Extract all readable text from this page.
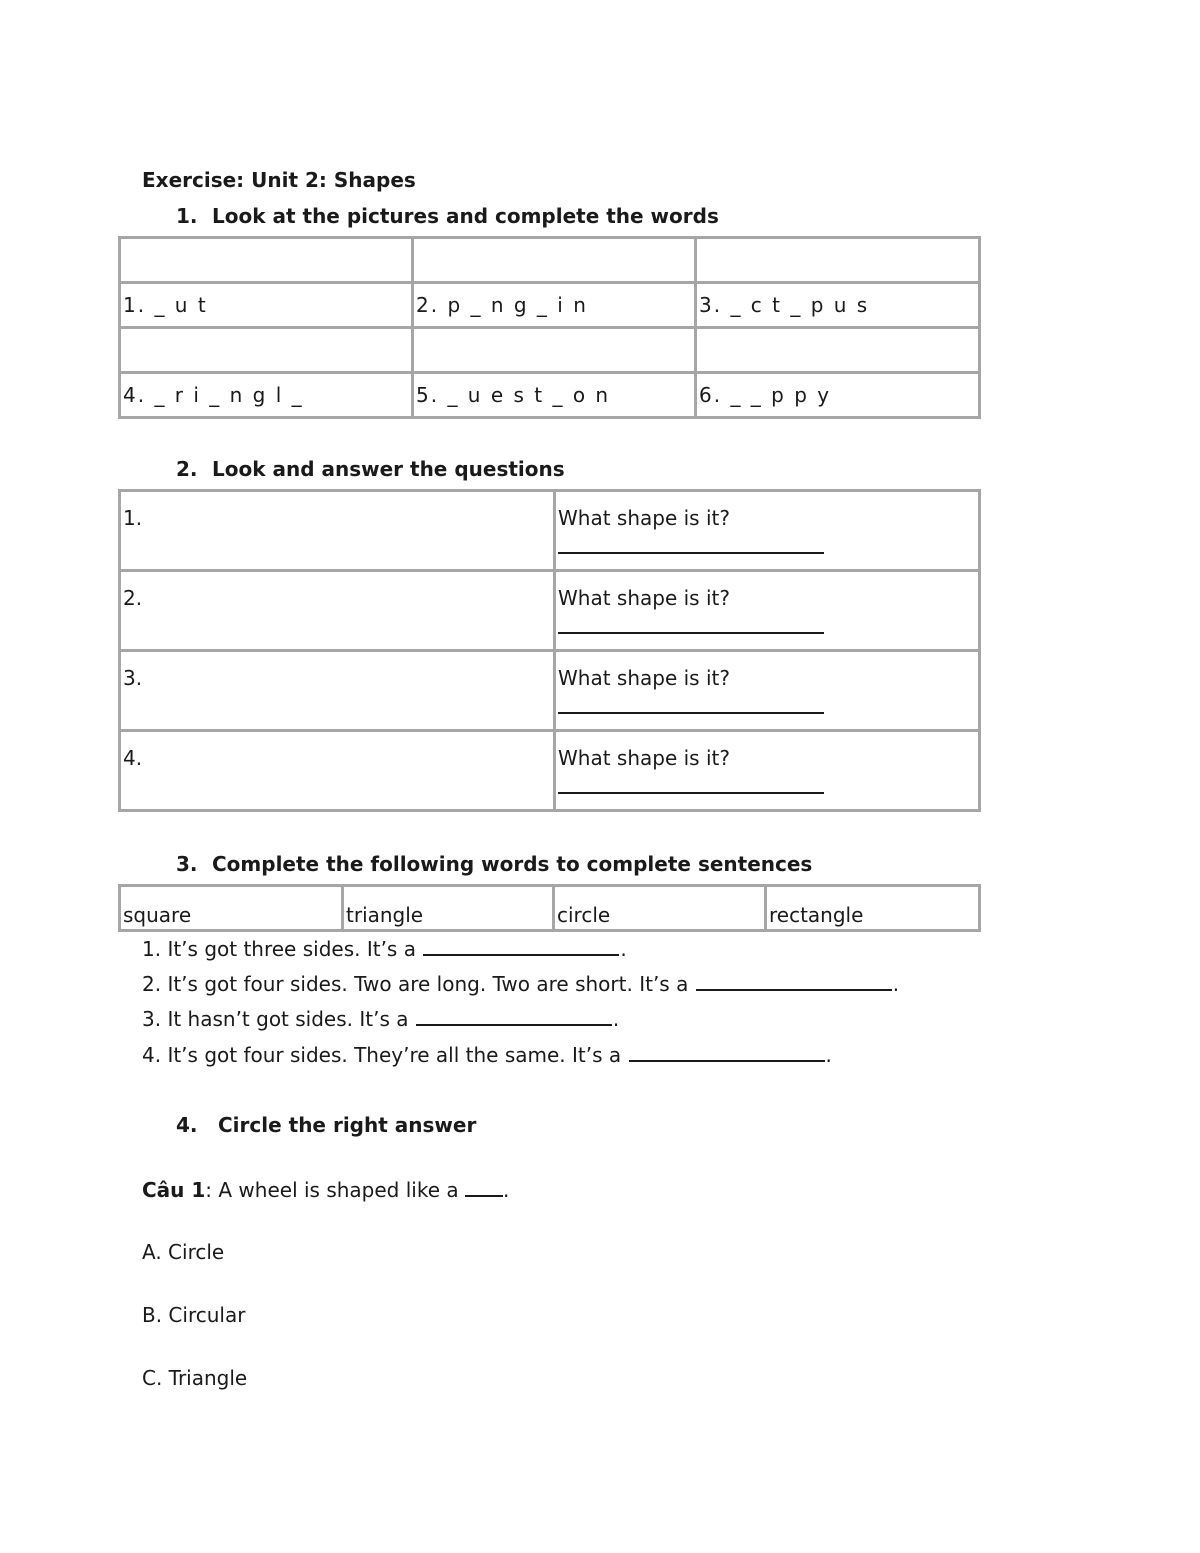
Exercise: Unit 2: Shapes
1. Look at the pictures and complete the words

1. _ u t	2. p _ n g _ i n	3. _ c t _ p u s

4. _ r i _ n g l _	5. _ u e s t _ o n	6. _ _ p p y
2. Look and answer the questions
1.	What shape is it?

2.	What shape is it?

3.	What shape is it?

4.	What shape is it?
3. Complete the following words to complete sentences
square	triangle	circle	rectangle
1. It’s got three sides. It’s a	.
2. It’s got four sides. Two are long. Two are short. It’s a	.
3. It hasn’t got sides. It’s a	.
4. It’s got four sides. They’re all the same. It’s a	.
4. Circle the right answer
Câu 1: A wheel is shaped like a .
A. Circle
B. Circular
C. Triangle
